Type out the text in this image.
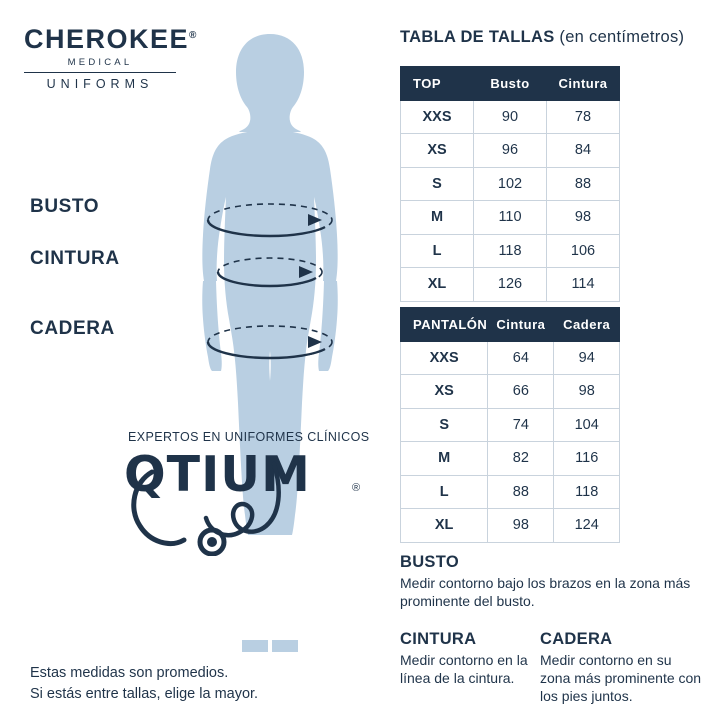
CHEROKEE®
MEDICAL
UNIFORMS
BUSTO
CINTURA
CADERA
EXPERTOS EN UNIFORMES CLÍNICOS
QTIUM	®
Estas medidas son promedios.
Si estás entre tallas, elige la mayor.
TABLA DE TALLAS (en centímetros)
TOP	Busto	Cintura
XXS	90	78
XS	96	84
S	102	88
M	110	98
L	118	106
XL	126	114
PANTALÓN	Cintura	Cadera
XXS	64	94
XS	66	98
S	74	104
M	82	116
L	88	118
XL	98	124
BUSTO
Medir contorno bajo los brazos en la zona más prominente del busto.
CINTURA
Medir contorno en la línea de la cintura.
CADERA
Medir contorno en su zona más prominente con los pies juntos.
